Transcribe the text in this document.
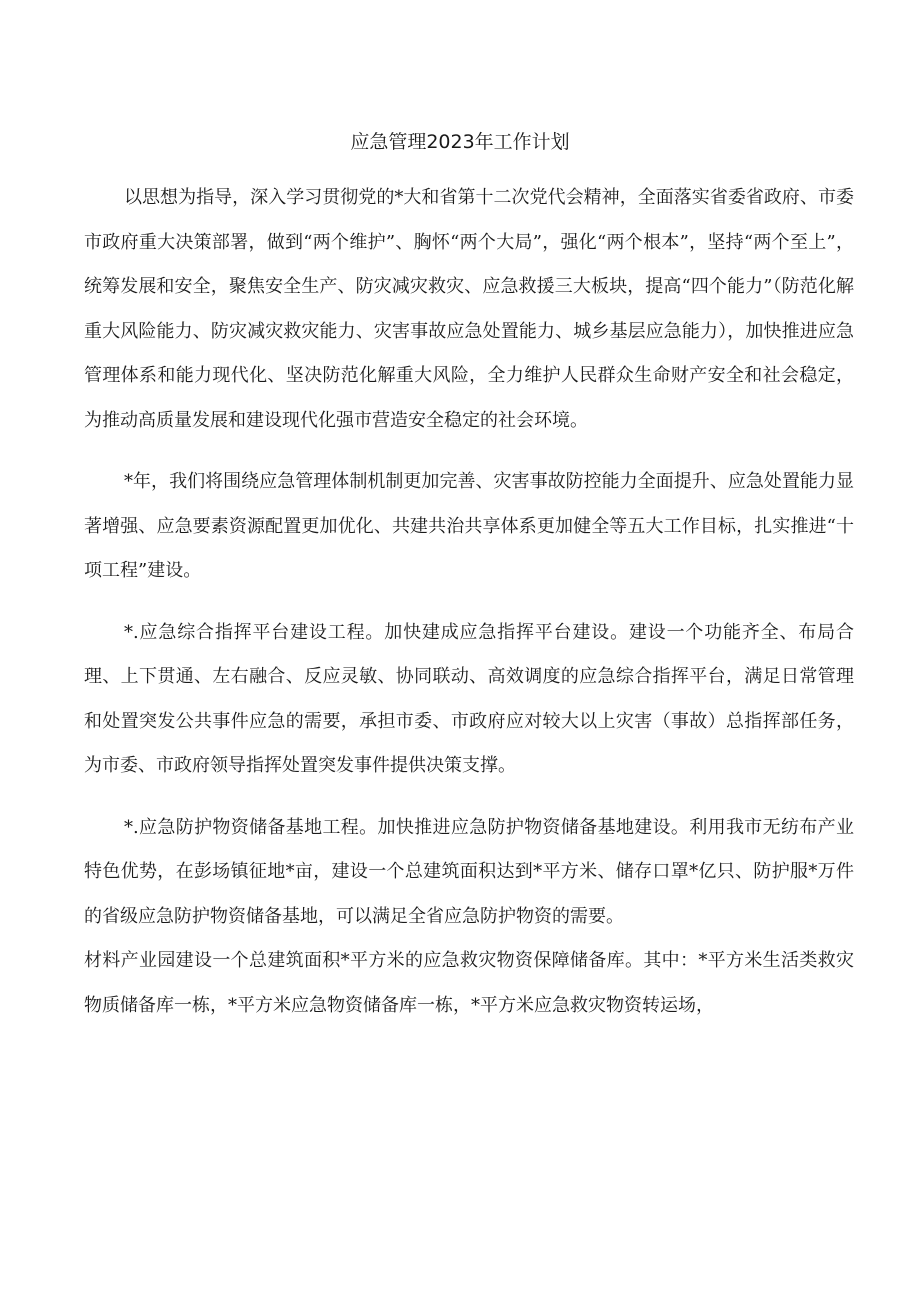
应急管理2023年工作计划

以思想为指导，深入学习贯彻党的*大和省第十二次党代会精神，全面落实省委省政府、市委市政府重大决策部署，做到“两个维护”、胸怀“两个大局”，强化“两个根本”，坚持“两个至上”，统筹发展和安全，聚焦安全生产、防灾减灾救灾、应急救援三大板块，提高“四个能力”（防范化解重大风险能力、防灾减灾救灾能力、灾害事故应急处置能力、城乡基层应急能力），加快推进应急管理体系和能力现代化、坚决防范化解重大风险，全力维护人民群众生命财产安全和社会稳定，为推动高质量发展和建设现代化强市营造安全稳定的社会环境。

*年，我们将围绕应急管理体制机制更加完善、灾害事故防控能力全面提升、应急处置能力显著增强、应急要素资源配置更加优化、共建共治共享体系更加健全等五大工作目标，扎实推进“十项工程”建设。

*.应急综合指挥平台建设工程。加快建成应急指挥平台建设。建设一个功能齐全、布局合理、上下贯通、左右融合、反应灵敏、协同联动、高效调度的应急综合指挥平台，满足日常管理和处置突发公共事件应急的需要，承担市委、市政府应对较大以上灾害（事故）总指挥部任务，为市委、市政府领导指挥处置突发事件提供决策支撑。

*.应急防护物资储备基地工程。加快推进应急防护物资储备基地建设。利用我市无纺布产业特色优势，在彭场镇征地*亩，建设一个总建筑面积达到*平方米、储存口罩*亿只、防护服*万件的省级应急防护物资储备基地，可以满足全省应急防护物资的需要。

材料产业园建设一个总建筑面积*平方米的应急救灾物资保障储备库。其中：*平方米生活类救灾物质储备库一栋，*平方米应急物资储备库一栋，*平方米应急救灾物资转运场，
